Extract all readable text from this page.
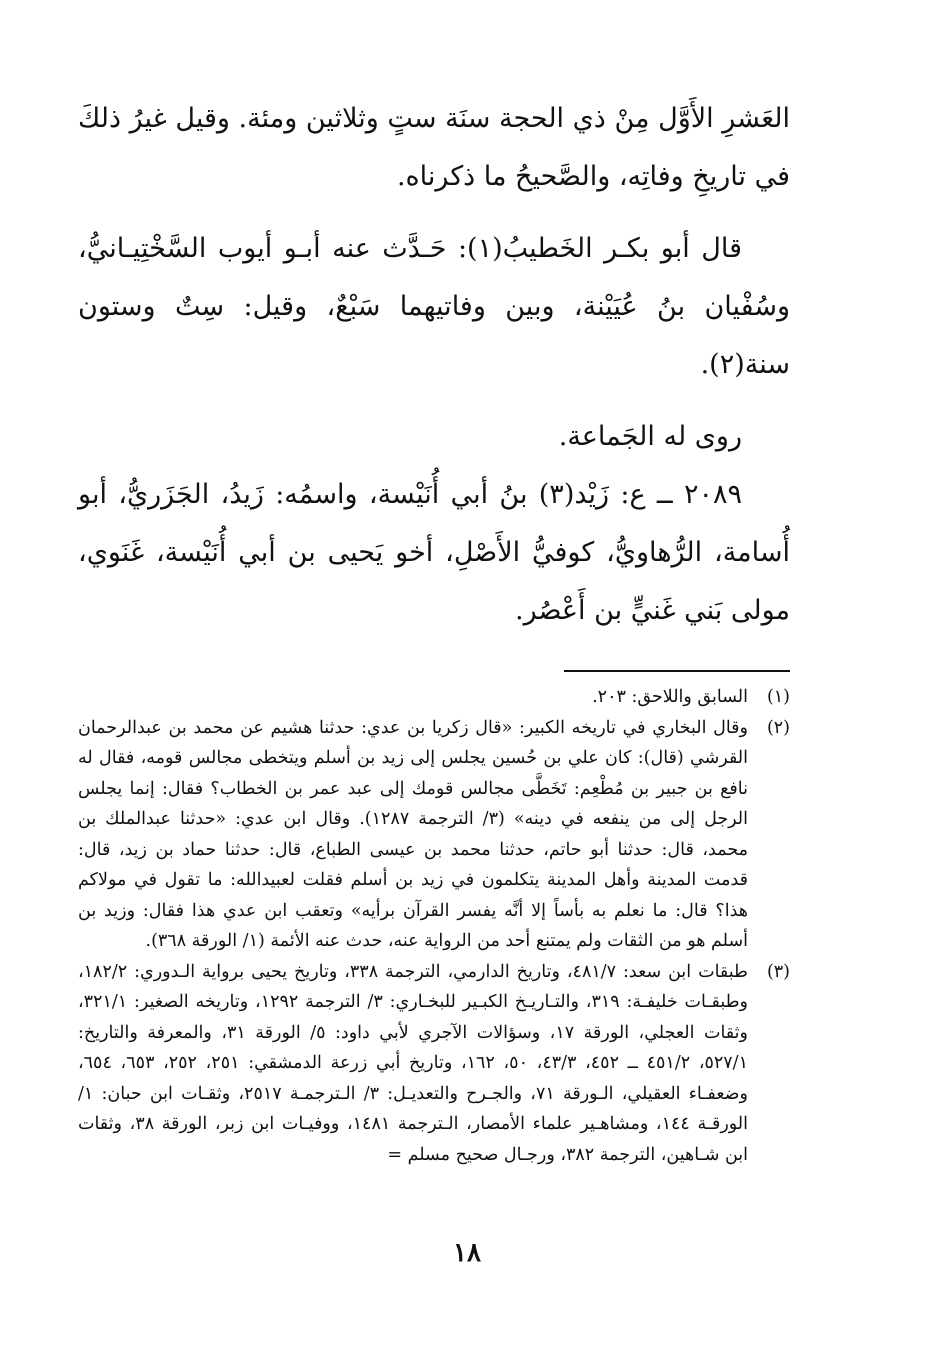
العَشرِ الأَوَّل مِنْ ذي الحجة سنَة ستٍ وثلاثين ومئة. وقيل غيرُ ذلكَ في تاريخِ وفاتِه، والصَّحيحُ ما ذكرناه.

قال أبو بكـر الخَطيبُ(١): حَـدَّث عنه أبـو أيوب السَّخْتِيـانيُّ، وسُفْيان بنُ عُيَيْنة، وبين وفاتيهما سَبْعٌ، وقيل: سِتٌ وستون سنة(٢).

روى له الجَماعة.

٢٠٨٩ ــ ع: زَيْد(٣) بنُ أبي أُنَيْسة، واسمُه: زَيدُ، الجَزَريُّ، أبو أُسامة، الرُّهاويُّ، كوفيُّ الأَصْلِ، أخو يَحيى بن أبي أُنَيْسة، غَنَوي، مولى بَني غَنيٍّ بن أَعْصُر.

(١)
السابق واللاحق: ٢٠٣.
(٢)
وقال البخاري في تاريخه الكبير: «قال زكريا بن عدي: حدثنا هشيم عن محمد بن عبدالرحمان القرشي (قال): كان علي بن حُسين يجلس إلى زيد بن أسلم ويتخطى مجالس قومه، فقال له نافع بن جبير بن مُطْعِم: تَخَطَّى مجالس قومك إلى عبد عمر بن الخطاب؟ فقال: إنما يجلس الرجل إلى من ينفعه في دينه» (٣/ الترجمة ١٢٨٧). وقال ابن عدي: «حدثنا عبدالملك بن محمد، قال: حدثنا أبو حاتم، حدثنا محمد بن عيسى الطباع، قال: حدثنا حماد بن زيد، قال: قدمت المدينة وأهل المدينة يتكلمون في زيد بن أسلم فقلت لعبيدالله: ما تقول في مولاكم هذا؟ قال: ما نعلم به بأساً إلا أنَّه يفسر القرآن برأيه» وتعقب ابن عدي هذا فقال: وزيد بن أسلم هو من الثقات ولم يمتنع أحد من الرواية عنه، حدث عنه الأئمة (١/ الورقة ٣٦٨).
(٣)
طبقات ابن سعد: ٤٨١/٧، وتاريخ الدارمي، الترجمة ٣٣٨، وتاريخ يحيى برواية الـدوري: ١٨٢/٢، وطبقـات خليفـة: ٣١٩، والتـاريـخ الكبـير للبخـاري: ٣/ الترجمة ١٢٩٢، وتاريخه الصغير: ٣٢١/١، وثقات العجلي، الورقة ١٧، وسؤالات الآجري لأبي داود: ٥/ الورقة ٣١، والمعرفة والتاريخ: ٥٢٧/١، ٤٥١/٢ ــ ٤٥٢، ٤٣/٣، ٥٠، ١٦٢، وتاريخ أبي زرعة الدمشقي: ٢٥١، ٢٥٢، ٦٥٣، ٦٥٤، وضعفـاء العقيلي، الـورقة ٧١، والجـرح والتعديـل: ٣/ الـترجمـة ٢٥١٧، وثقـات ابن حبان: ١/ الورقـة ١٤٤، ومشاهـير علماء الأمصار، الـترجمة ١٤٨١، ووفيـات ابن زبر، الورقة ٣٨، وثقات ابن شـاهين، الترجمة ٣٨٢، ورجـال صحيح مسلم =
١٨
